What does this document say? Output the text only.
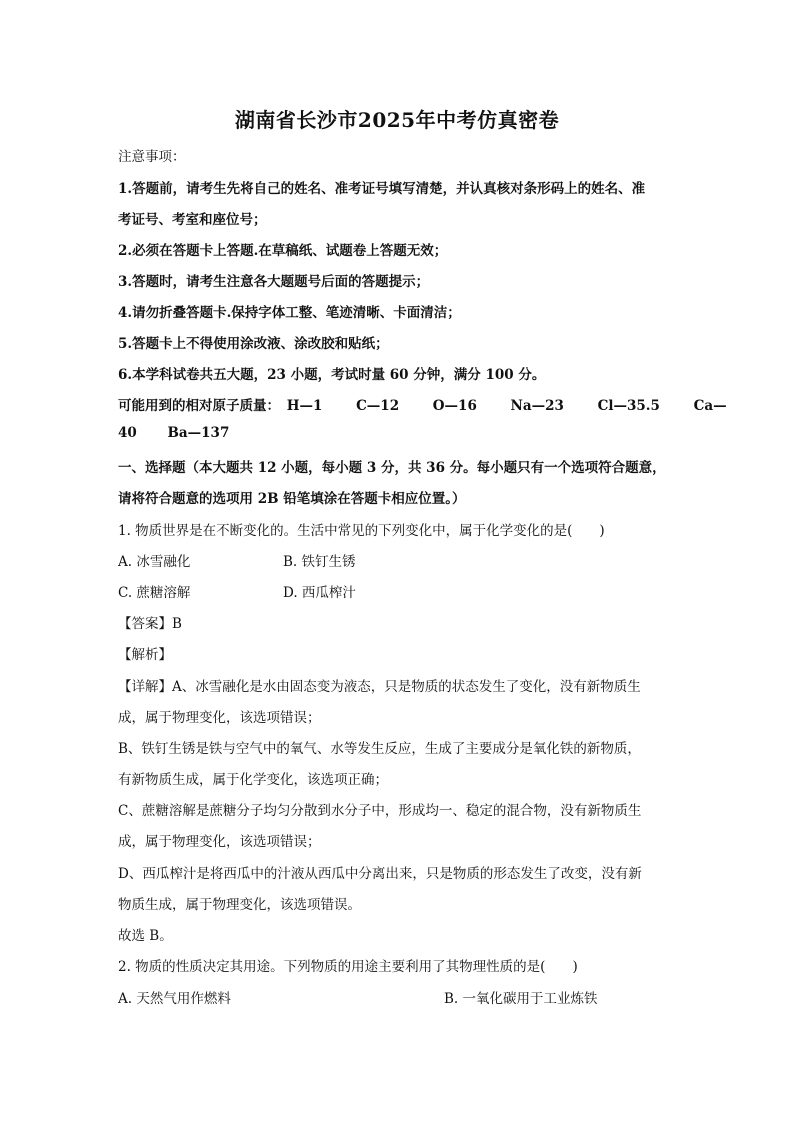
湖南省长沙市2025年中考仿真密卷
注意事项：
1.答题前，请考生先将自己的姓名、准考证号填写清楚，并认真核对条形码上的姓名、准
考证号、考室和座位号；
2.必须在答题卡上答题.在草稿纸、试题卷上答题无效；
3.答题时，请考生注意各大题题号后面的答题提示；
4.请勿折叠答题卡.保持字体工整、笔迹清晰、卡面清洁；
5.答题卡上不得使用涂改液、涂改胶和贴纸；
6.本学科试卷共五大题，23 小题，考试时量 60 分钟，满分 100 分。
可能用到的相对原子质量： H—1 C—12 O—16 Na—23 Cl—35.5 Ca—
40 Ba—137
一、选择题（本大题共 12 小题，每小题 3 分，共 36 分。每小题只有一个选项符合题意，
请将符合题意的选项用 2B 铅笔填涂在答题卡相应位置。）
1. 物质世界是在不断变化的。生活中常见的下列变化中，属于化学变化的是(　　)
A. 冰雪融化	B. 铁钉生锈
C. 蔗糖溶解	D. 西瓜榨汁
【答案】B
【解析】
【详解】A、冰雪融化是水由固态变为液态，只是物质的状态发生了变化，没有新物质生
成，属于物理变化，该选项错误；
B、铁钉生锈是铁与空气中的氧气、水等发生反应，生成了主要成分是氧化铁的新物质，
有新物质生成，属于化学变化，该选项正确；
C、蔗糖溶解是蔗糖分子均匀分散到水分子中，形成均一、稳定的混合物，没有新物质生
成，属于物理变化，该选项错误；
D、西瓜榨汁是将西瓜中的汁液从西瓜中分离出来，只是物质的形态发生了改变，没有新
物质生成，属于物理变化，该选项错误。
故选 B。
2. 物质的性质决定其用途。下列物质的用途主要利用了其物理性质的是(　　)
A. 天然气用作燃料	B. 一氧化碳用于工业炼铁
